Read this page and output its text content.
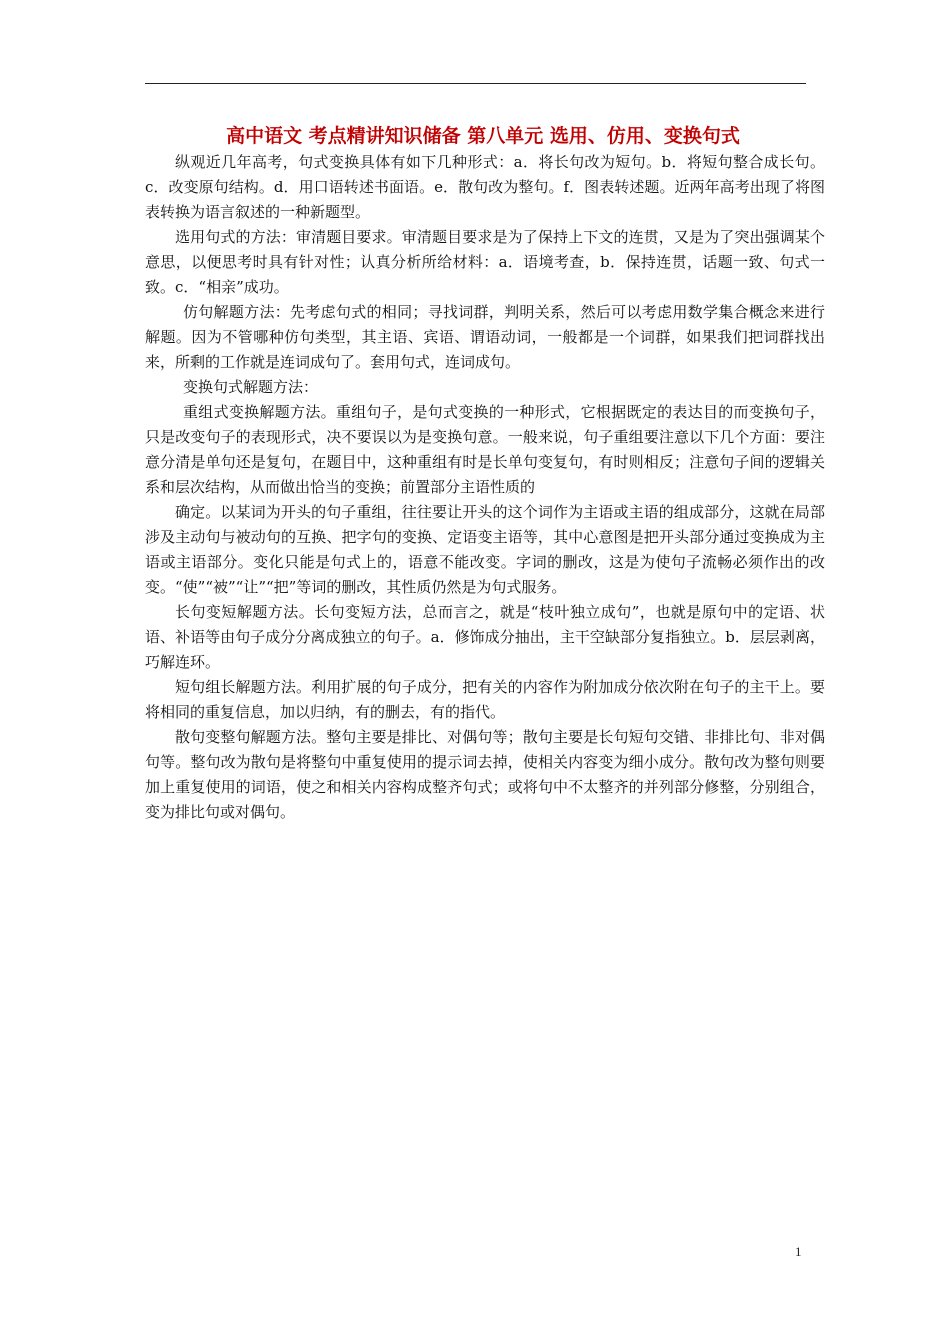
高中语文 考点精讲知识储备 第八单元 选用、仿用、变换句式

纵观近几年高考，句式变换具体有如下几种形式：a．将长句改为短句。b．将短句整合成长句。c．改变原句结构。d．用口语转述书面语。e．散句改为整句。f．图表转述题。近两年高考出现了将图表转换为语言叙述的一种新题型。

选用句式的方法：审清题目要求。审清题目要求是为了保持上下文的连贯，又是为了突出强调某个意思，以便思考时具有针对性；认真分析所给材料：a．语境考查，b．保持连贯，话题一致、句式一致。c．“相亲”成功。

仿句解题方法：先考虑句式的相同；寻找词群，判明关系，然后可以考虑用数学集合概念来进行解题。因为不管哪种仿句类型，其主语、宾语、谓语动词，一般都是一个词群，如果我们把词群找出来，所剩的工作就是连词成句了。套用句式，连词成句。

变换句式解题方法：

重组式变换解题方法。重组句子，是句式变换的一种形式，它根据既定的表达目的而变换句子，只是改变句子的表现形式，决不要误以为是变换句意。一般来说，句子重组要注意以下几个方面：要注意分清是单句还是复句，在题目中，这种重组有时是长单句变复句，有时则相反；注意句子间的逻辑关系和层次结构，从而做出恰当的变换；前置部分主语性质的

确定。以某词为开头的句子重组，往往要让开头的这个词作为主语或主语的组成部分，这就在局部涉及主动句与被动句的互换、把字句的变换、定语变主语等，其中心意图是把开头部分通过变换成为主语或主语部分。变化只能是句式上的，语意不能改变。字词的删改，这是为使句子流畅必须作出的改变。“使”“被”“让”“把”等词的删改，其性质仍然是为句式服务。

长句变短解题方法。长句变短方法，总而言之，就是“枝叶独立成句”，也就是原句中的定语、状语、补语等由句子成分分离成独立的句子。a．修饰成分抽出，主干空缺部分复指独立。b．层层剥离，巧解连环。

短句组长解题方法。利用扩展的句子成分，把有关的内容作为附加成分依次附在句子的主干上。要将相同的重复信息，加以归纳，有的删去，有的指代。

散句变整句解题方法。整句主要是排比、对偶句等；散句主要是长句短句交错、非排比句、非对偶句等。整句改为散句是将整句中重复使用的提示词去掉，使相关内容变为细小成分。散句改为整句则要加上重复使用的词语，使之和相关内容构成整齐句式；或将句中不太整齐的并列部分修整，分别组合，变为排比句或对偶句。

1
